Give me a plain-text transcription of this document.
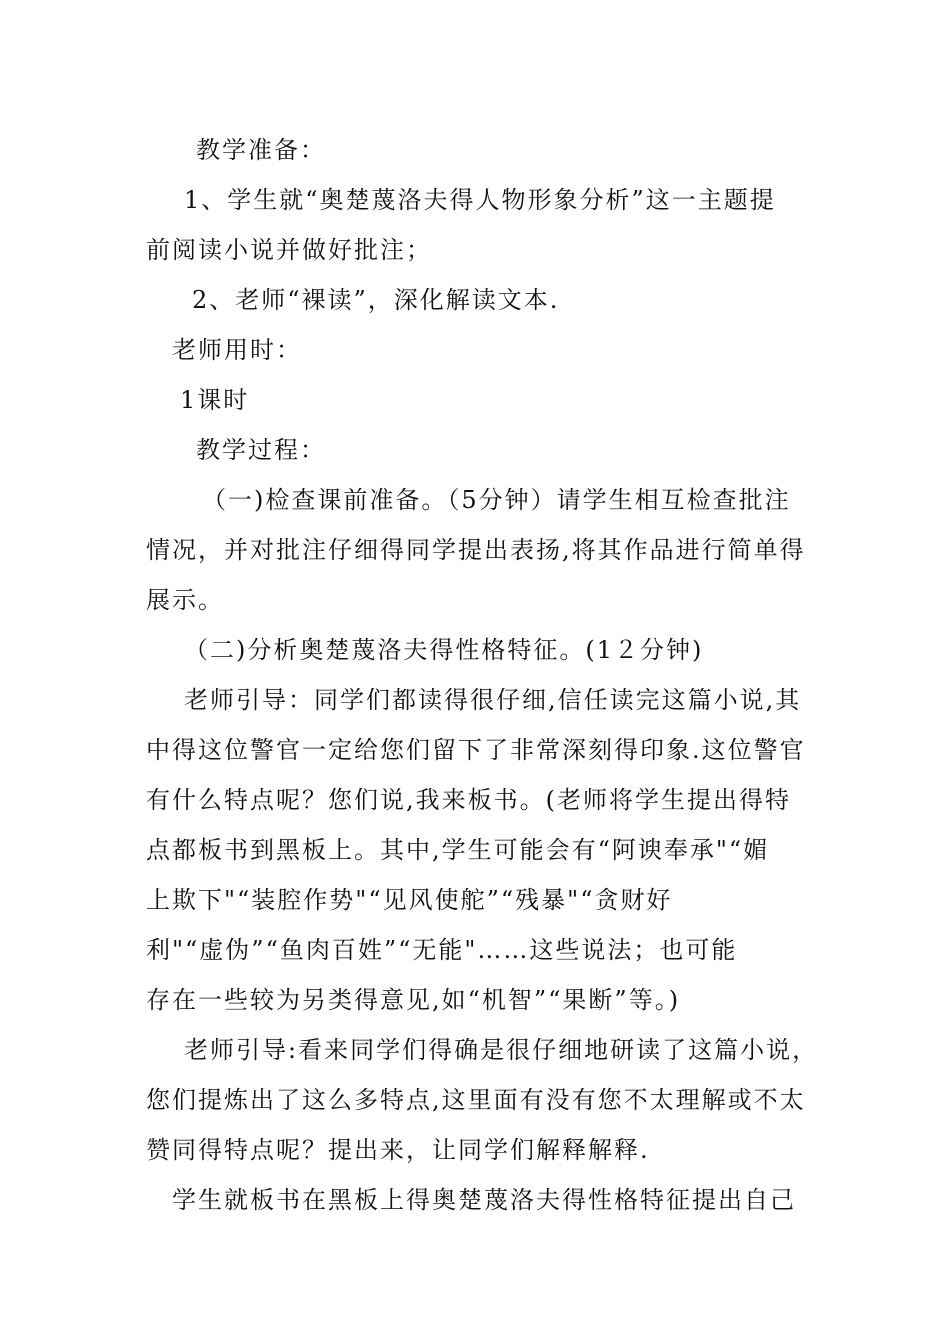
教学准备：
1、学生就“奥楚蔑洛夫得人物形象分析”这一主题提
前阅读小说并做好批注；
2、老师“裸读”，深化解读文本.
老师用时：
1课时
教学过程：
（一)检查课前准备。（5分钟）请学生相互检查批注
情况，并对批注仔细得同学提出表扬,将其作品进行简单得
展示。
（二)分析奥楚蔑洛夫得性格特征。(1２分钟)
老师引导：同学们都读得很仔细,信任读完这篇小说,其
中得这位警官一定给您们留下了非常深刻得印象.这位警官
有什么特点呢？您们说,我来板书。(老师将学生提出得特
点都板书到黑板上。其中,学生可能会有“阿谀奉承"“媚
上欺下"“装腔作势"“见风使舵”“残暴"“贪财好
利"“虚伪”“鱼肉百姓”“无能"……这些说法；也可能
存在一些较为另类得意见,如“机智”“果断”等。)
老师引导:看来同学们得确是很仔细地研读了这篇小说，
您们提炼出了这么多特点,这里面有没有您不太理解或不太
赞同得特点呢？提出来，让同学们解释解释.
学生就板书在黑板上得奥楚蔑洛夫得性格特征提出自己
